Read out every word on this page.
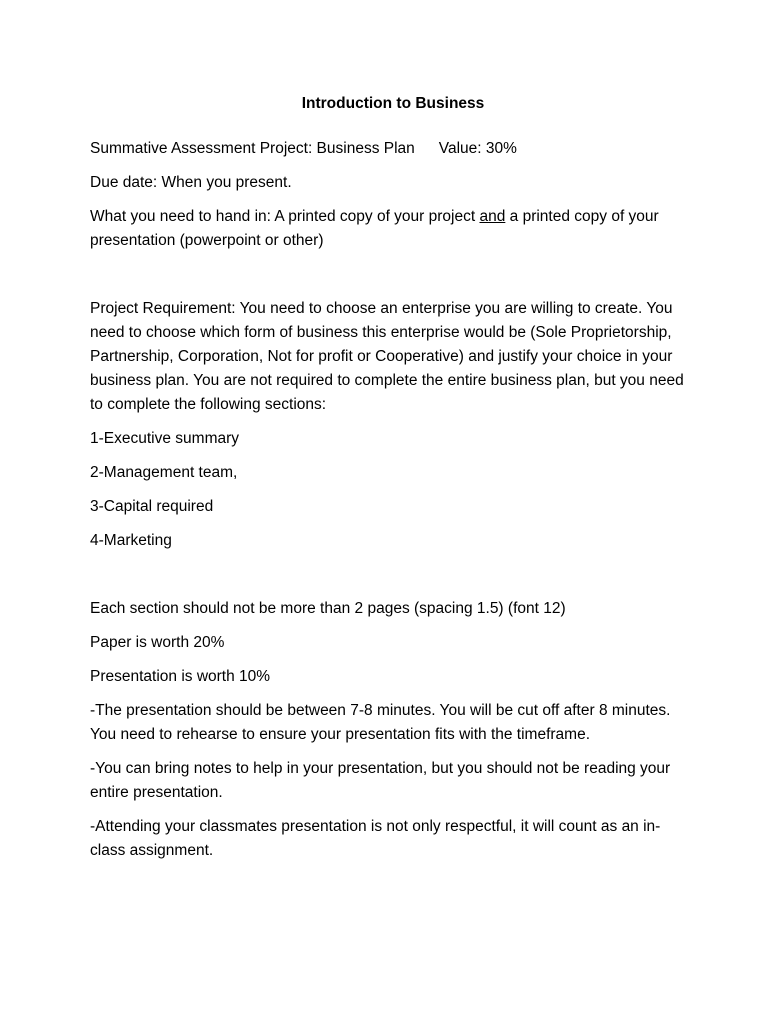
Introduction to Business

Summative Assessment Project: Business Plan Value: 30%

Due date: When you present.

What you need to hand in: A printed copy of your project and a printed copy of your presentation (powerpoint or other)

Project Requirement: You need to choose an enterprise you are willing to create. You need to choose which form of business this enterprise would be (Sole Proprietorship, Partnership, Corporation, Not for profit or Cooperative) and justify your choice in your business plan. You are not required to complete the entire business plan, but you need to complete the following sections:

1-Executive summary

2-Management team,

3-Capital required

4-Marketing

Each section should not be more than 2 pages (spacing 1.5) (font 12)

Paper is worth 20%

Presentation is worth 10%

-The presentation should be between 7-8 minutes. You will be cut off after 8 minutes. You need to rehearse to ensure your presentation fits with the timeframe.

-You can bring notes to help in your presentation, but you should not be reading your entire presentation.

-Attending your classmates presentation is not only respectful, it will count as an in-class assignment.
